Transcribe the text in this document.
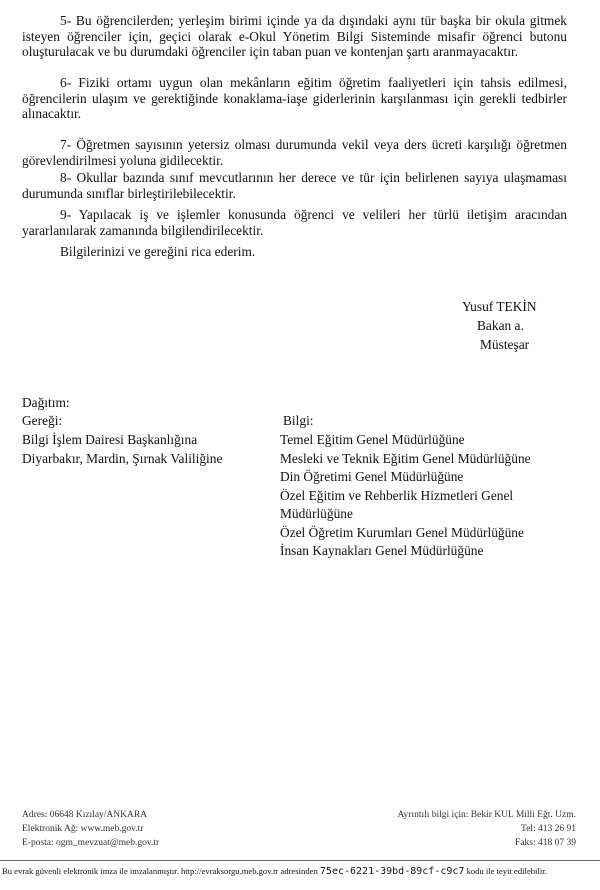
5- Bu öğrencilerden; yerleşim birimi içinde ya da dışındaki aynı tür başka bir okula gitmek isteyen öğrenciler için, geçici olarak e-Okul Yönetim Bilgi Sisteminde misafir öğrenci butonu oluşturulacak ve bu durumdaki öğrenciler için taban puan ve kontenjan şartı aranmayacaktır.

6- Fiziki ortamı uygun olan mekânların eğitim öğretim faaliyetleri için tahsis edilmesi, öğrencilerin ulaşım ve gerektiğinde konaklama-iaşe giderlerinin karşılanması için gerekli tedbirler alınacaktır.

7- Öğretmen sayısının yetersiz olması durumunda vekil veya ders ücreti karşılığı öğretmen görevlendirilmesi yoluna gidilecektir.

8- Okullar bazında sınıf mevcutlarının her derece ve tür için belirlenen sayıya ulaşmaması durumunda sınıflar birleştirilebilecektir.

9- Yapılacak iş ve işlemler konusunda öğrenci ve velileri her türlü iletişim aracından yararlanılarak zamanında bilgilendirilecektir.

Bilgilerinizi ve gereğini rica ederim.

Yusuf TEKİN
Bakan a.
Müsteşar
Dağıtım:
Gereği:
Bilgi İşlem Dairesi Başkanlığına
Diyarbakır, Mardin, Şırnak Valiliğine
Bilgi:
Temel Eğitim Genel Müdürlüğüne
Mesleki ve Teknik Eğitim Genel Müdürlüğüne
Din Öğretimi Genel Müdürlüğüne
Özel Eğitim ve Rehberlik Hizmetleri Genel
Müdürlüğüne
Özel Öğretim Kurumları Genel Müdürlüğüne
İnsan Kaynakları Genel Müdürlüğüne
Adres: 06648 Kızılay/ANKARA
Elektronik Ağ: www.meb.gov.tr
E-posta: ogm_mevzuat@meb.gov.tr
Ayrıntılı bilgi için: Bekir KUL Milli Eğt. Uzm.
Tel: 413 26 91
Faks: 418 07 39
Bu evrak güvenli elektronik imza ile imzalanmıştır. http://evraksorgu.meb.gov.tr adresinden 75ec-6221-39bd-89cf-c9c7 kodu ile teyit edilebilir.
